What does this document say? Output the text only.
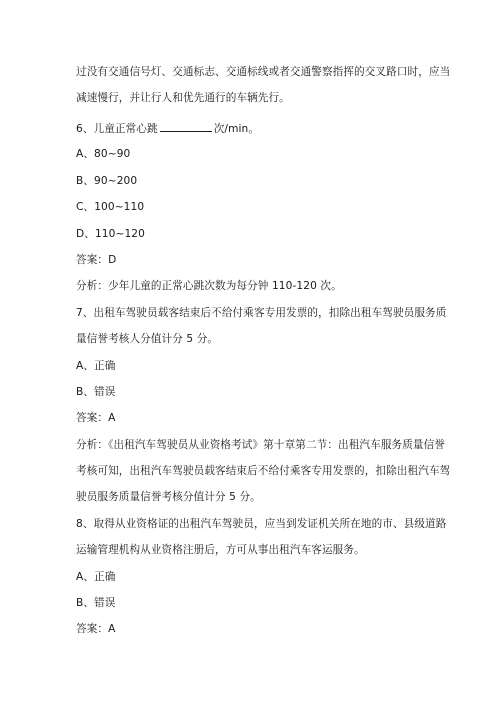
过没有交通信号灯、交通标志、交通标线或者交通警察指挥的交叉路口时，应当
减速慢行，并让行人和优先通行的车辆先行。
6、儿童正常心跳	次/min。
A、80~90
B、90~200
C、100~110
D、110~120
答案：D
分析：少年儿童的正常心跳次数为每分钟 110-120 次。
7、出租车驾驶员载客结束后不给付乘客专用发票的，扣除出租车驾驶员服务质
量信誉考核人分值计分 5 分。
A、正确
B、错误
答案：A
分析：《出租汽车驾驶员从业资格考试》第十章第二节：出租汽车服务质量信誉
考核可知，出租汽车驾驶员载客结束后不给付乘客专用发票的，扣除出租汽车驾
驶员服务质量信誉考核分值计分 5 分。
8、取得从业资格证的出租汽车驾驶员，应当到发证机关所在地的市、县级道路
运输管理机构从业资格注册后，方可从事出租汽车客运服务。
A、正确
B、错误
答案：A
